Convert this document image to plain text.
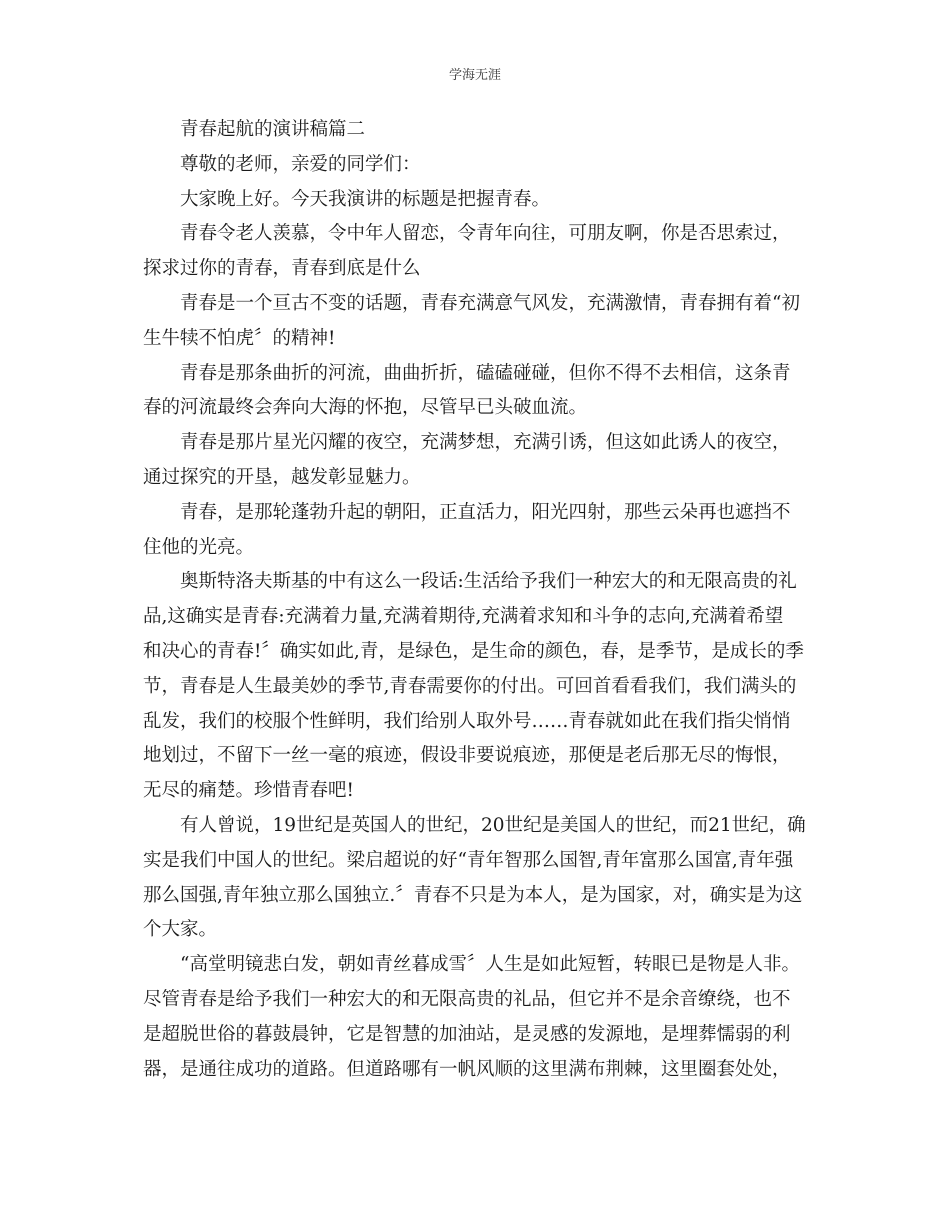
学海无涯
青春起航的演讲稿篇二
尊敬的老师，亲爱的同学们：
大家晚上好。今天我演讲的标题是把握青春。
青春令老人羡慕，令中年人留恋，令青年向往，可朋友啊，你是否思索过，
探求过你的青春，青春到底是什么
青春是一个亘古不变的话题，青春充满意气风发，充满激情，青春拥有着“初
生牛犊不怕虎〞的精神!
青春是那条曲折的河流，曲曲折折，磕磕碰碰，但你不得不去相信，这条青
春的河流最终会奔向大海的怀抱，尽管早已头破血流。
青春是那片星光闪耀的夜空，充满梦想，充满引诱，但这如此诱人的夜空，
通过探究的开垦，越发彰显魅力。
青春，是那轮蓬勃升起的朝阳，正直活力，阳光四射，那些云朵再也遮挡不
住他的光亮。
奥斯特洛夫斯基的中有这么一段话:生活给予我们一种宏大的和无限高贵的礼
品,这确实是青春:充满着力量,充满着期待,充满着求知和斗争的志向,充满着希望
和决心的青春!〞确实如此,青，是绿色，是生命的颜色，春，是季节，是成长的季
节，青春是人生最美妙的季节,青春需要你的付出。可回首看看我们，我们满头的
乱发，我们的校服个性鲜明，我们给别人取外号……青春就如此在我们指尖悄悄
地划过，不留下一丝一毫的痕迹，假设非要说痕迹，那便是老后那无尽的悔恨，
无尽的痛楚。珍惜青春吧!
有人曾说，19世纪是英国人的世纪，20世纪是美国人的世纪，而21世纪，确
实是我们中国人的世纪。梁启超说的好“青年智那么国智,青年富那么国富,青年强
那么国强,青年独立那么国独立.〞青春不只是为本人，是为国家，对，确实是为这
个大家。
“高堂明镜悲白发，朝如青丝暮成雪〞人生是如此短暂，转眼已是物是人非。
尽管青春是给予我们一种宏大的和无限高贵的礼品，但它并不是余音缭绕，也不
是超脱世俗的暮鼓晨钟，它是智慧的加油站，是灵感的发源地，是埋葬懦弱的利
器，是通往成功的道路。但道路哪有一帆风顺的这里满布荆棘，这里圈套处处，
